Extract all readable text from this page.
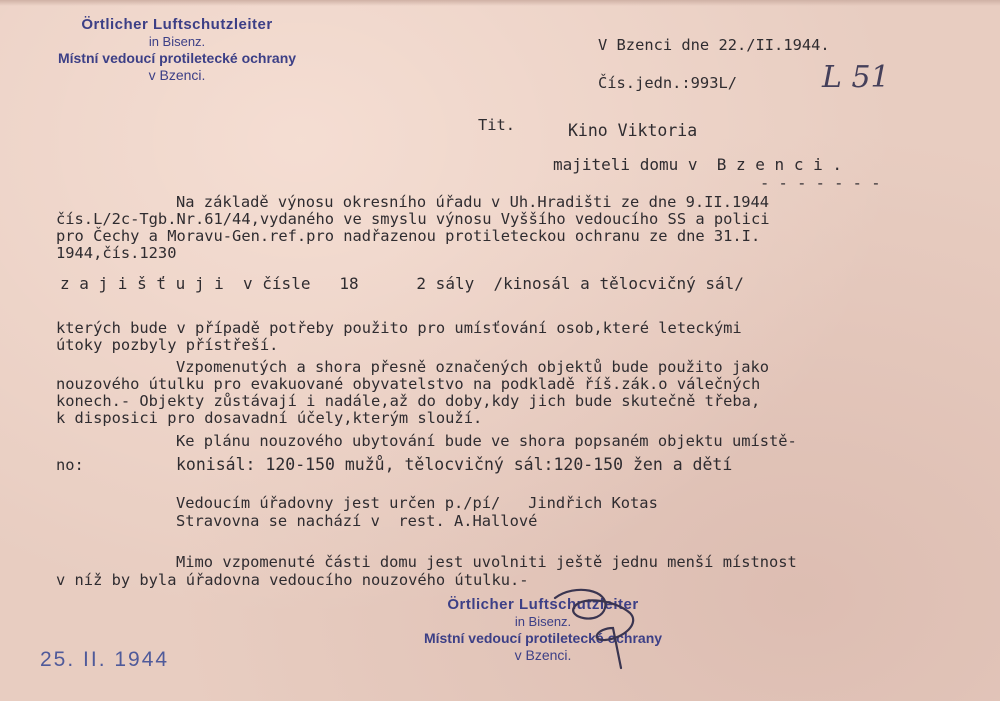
Örtlicher Luftschutzleiter
in Bisenz.
Místní vedoucí protiletecké ochrany
v Bzenci.
V Bzenci dne 22./II.1944.
Čís.jedn.:993L/	L 51
Tit.	Kino Viktoria
majiteli domu v  B z e n c i .
- - - - - - -
Na základě výnosu okresního úřadu v Uh.Hradišti ze dne 9.II.1944
čís.L/2c-Tgb.Nr.61/44,vydaného ve smyslu výnosu Vyššího vedoucího SS a polici
pro Čechy a Moravu-Gen.ref.pro nadřazenou protileteckou ochranu ze dne 31.I.
1944,čís.1230
z a j i š ť u j i  v čísle   18      2 sály  /kinosál a tělocvičný sál/
kterých bude v případě potřeby použito pro umísťování osob,které leteckými
útoky pozbyly přístřeší.
Vzpomenutých a shora přesně označených objektů bude použito jako
nouzového útulku pro evakuované obyvatelstvo na podkladě říš.zák.o válečných
konech.- Objekty zůstávají i nadále,až do doby,kdy jich bude skutečně třeba,
k disposici pro dosavadní účely,kterým slouží.
Ke plánu nouzového ubytování bude ve shora popsaném objektu umístě-
no:	konisál: 120-150 mužů, tělocvičný sál:120-150 žen a dětí
Vedoucím úřadovny jest určen p./pí/   Jindřich Kotas
Stravovna se nachází v  rest. A.Hallové
Mimo vzpomenuté části domu jest uvolniti ještě jednu menší místnost
v níž by byla úřadovna vedoucího nouzového útulku.-
Örtlicher Luftschutzleiter
in Bisenz.
Místní vedoucí protiletecké ochrany
v Bzenci.
25. II. 1944
